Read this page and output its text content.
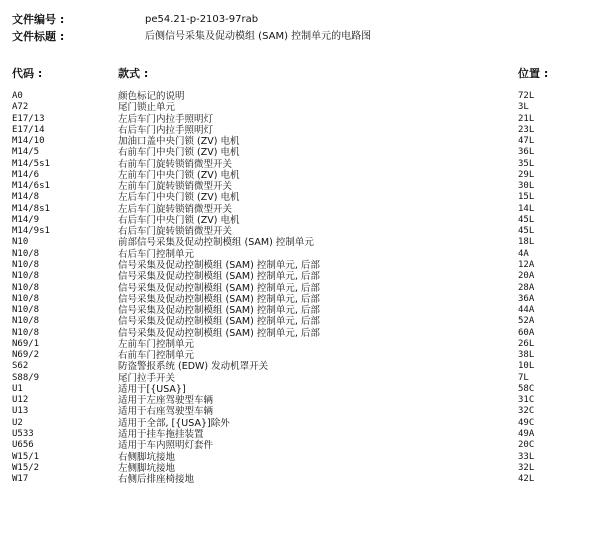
文件编号 :	pe54.21-p-2103-97rab
文件标题 :	后侧信号采集及促动模组 (SAM) 控制单元的电路图
代码 :	款式 :	位置 :
A0	颜色标记的说明	72L
A72	尾门锁止单元	3L
E17/13	左后车门内拉手照明灯	21L
E17/14	右后车门内拉手照明灯	23L
M14/10	加油口盖中央门锁 (ZV) 电机	47L
M14/5	右前车门中央门锁 (ZV) 电机	36L
M14/5s1	右前车门旋转锁销微型开关	35L
M14/6	左前车门中央门锁 (ZV) 电机	29L
M14/6s1	左前车门旋转锁销微型开关	30L
M14/8	左后车门中央门锁 (ZV) 电机	15L
M14/8s1	左后车门旋转锁销微型开关	14L
M14/9	右后车门中央门锁 (ZV) 电机	45L
M14/9s1	右后车门旋转锁销微型开关	45L
N10	前部信号采集及促动控制模组 (SAM) 控制单元	18L
N10/8	右后车门控制单元	4A
N10/8	信号采集及促动控制模组 (SAM) 控制单元, 后部	12A
N10/8	信号采集及促动控制模组 (SAM) 控制单元, 后部	20A
N10/8	信号采集及促动控制模组 (SAM) 控制单元, 后部	28A
N10/8	信号采集及促动控制模组 (SAM) 控制单元, 后部	36A
N10/8	信号采集及促动控制模组 (SAM) 控制单元, 后部	44A
N10/8	信号采集及促动控制模组 (SAM) 控制单元, 后部	52A
N10/8	信号采集及促动控制模组 (SAM) 控制单元, 后部	60A
N69/1	左前车门控制单元	26L
N69/2	右前车门控制单元	38L
S62	防盗警报系统 (EDW) 发动机罩开关	10L
S88/9	尾门拉手开关	7L
U1	适用于[{USA}]	58C
U12	适用于左座驾驶型车辆	31C
U13	适用于右座驾驶型车辆	32C
U2	适用于全部, [{USA}]除外	49C
U533	适用于挂车拖挂装置	49A
U656	适用于车内照明灯套件	20C
W15/1	右侧脚坑接地	33L
W15/2	左侧脚坑接地	32L
W17	右侧后排座椅接地	42L
